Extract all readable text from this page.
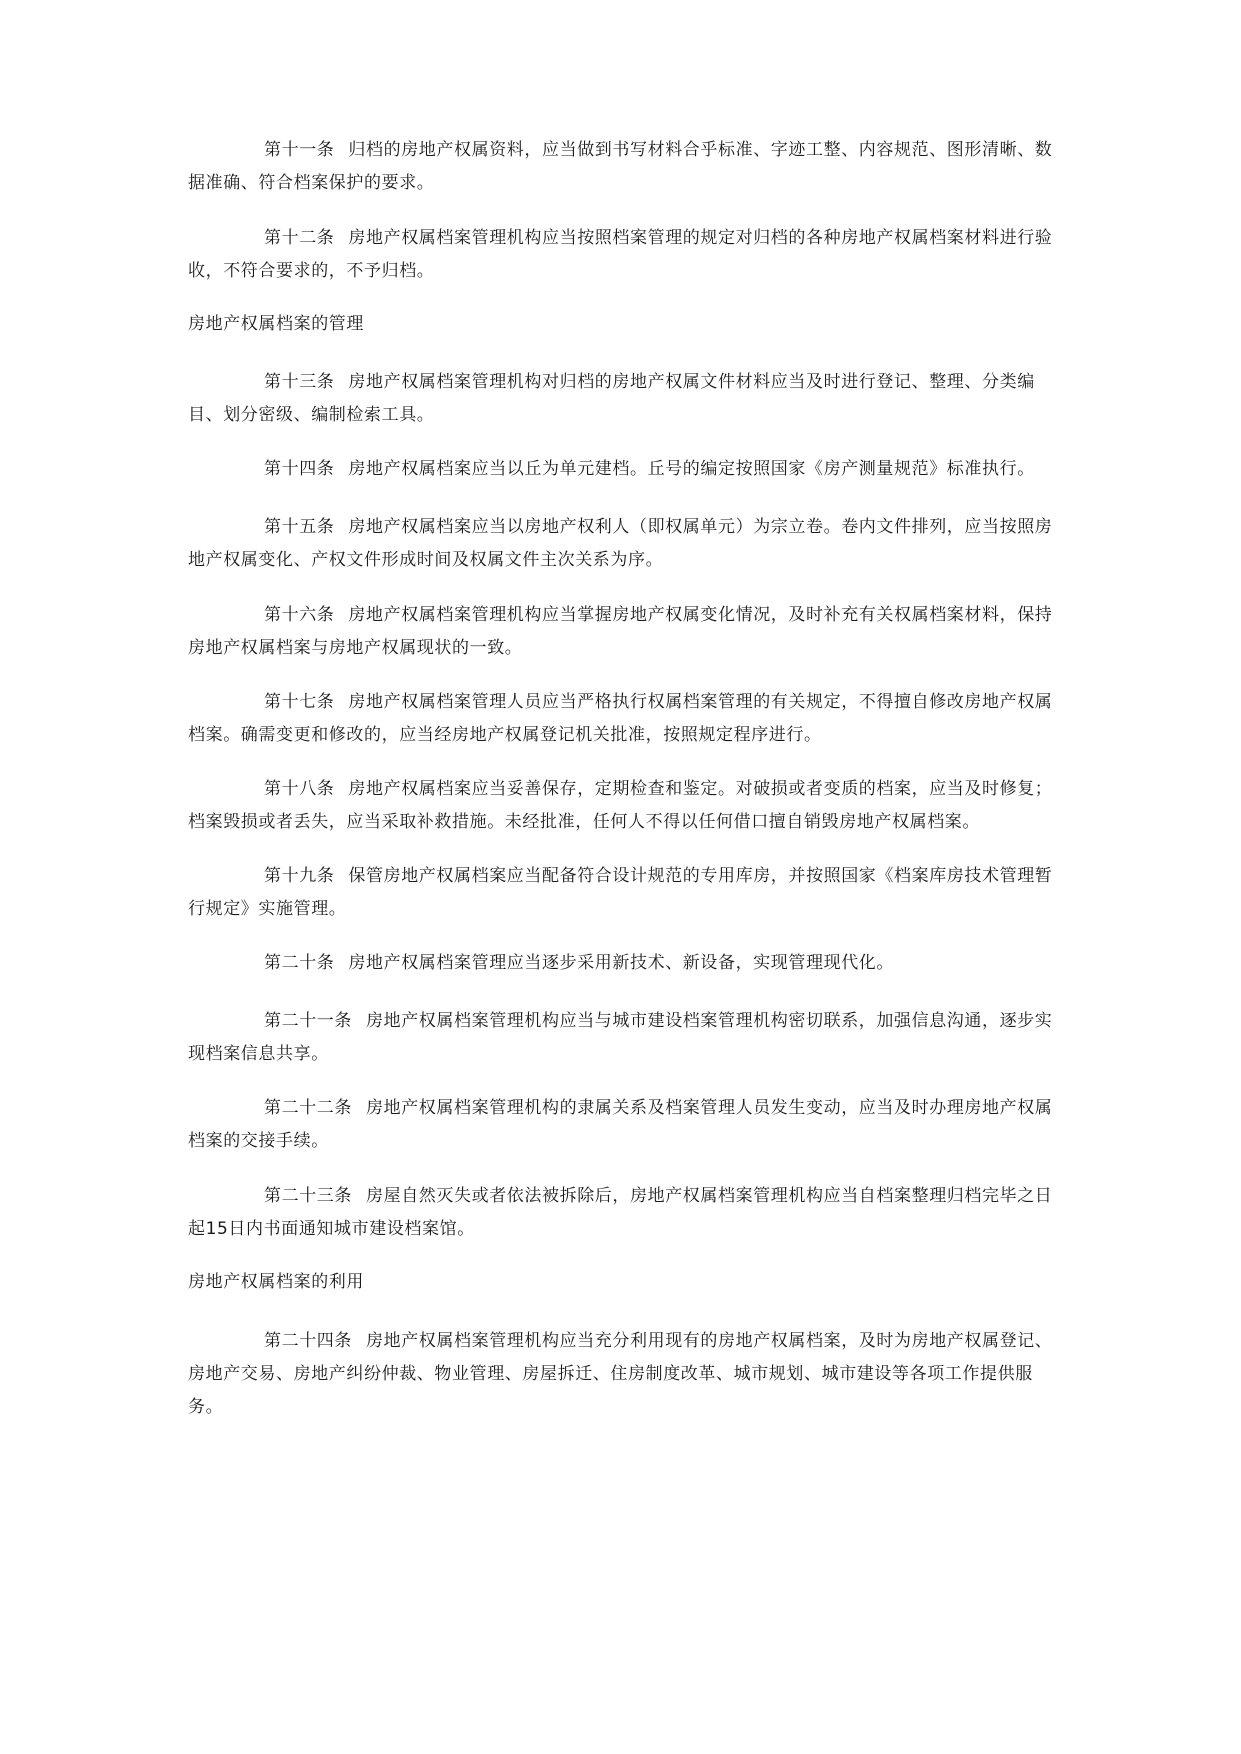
第十一条 归档的房地产权属资料，应当做到书写材料合乎标准、字迹工整、内容规范、图形清晰、数据准确、符合档案保护的要求。

第十二条 房地产权属档案管理机构应当按照档案管理的规定对归档的各种房地产权属档案材料进行验收，不符合要求的，不予归档。

房地产权属档案的管理

第十三条 房地产权属档案管理机构对归档的房地产权属文件材料应当及时进行登记、整理、分类编目、划分密级、编制检索工具。

第十四条 房地产权属档案应当以丘为单元建档。丘号的编定按照国家《房产测量规范》标准执行。

第十五条 房地产权属档案应当以房地产权利人（即权属单元）为宗立卷。卷内文件排列，应当按照房地产权属变化、产权文件形成时间及权属文件主次关系为序。

第十六条 房地产权属档案管理机构应当掌握房地产权属变化情况，及时补充有关权属档案材料，保持房地产权属档案与房地产权属现状的一致。

第十七条 房地产权属档案管理人员应当严格执行权属档案管理的有关规定，不得擅自修改房地产权属档案。确需变更和修改的，应当经房地产权属登记机关批准，按照规定程序进行。

第十八条 房地产权属档案应当妥善保存，定期检查和鉴定。对破损或者变质的档案，应当及时修复；档案毁损或者丢失，应当采取补救措施。未经批准，任何人不得以任何借口擅自销毁房地产权属档案。

第十九条 保管房地产权属档案应当配备符合设计规范的专用库房，并按照国家《档案库房技术管理暂行规定》实施管理。

第二十条 房地产权属档案管理应当逐步采用新技术、新设备，实现管理现代化。

第二十一条 房地产权属档案管理机构应当与城市建设档案管理机构密切联系，加强信息沟通，逐步实现档案信息共享。

第二十二条 房地产权属档案管理机构的隶属关系及档案管理人员发生变动，应当及时办理房地产权属档案的交接手续。

第二十三条 房屋自然灭失或者依法被拆除后，房地产权属档案管理机构应当自档案整理归档完毕之日起15日内书面通知城市建设档案馆。

房地产权属档案的利用

第二十四条 房地产权属档案管理机构应当充分利用现有的房地产权属档案，及时为房地产权属登记、房地产交易、房地产纠纷仲裁、物业管理、房屋拆迁、住房制度改革、城市规划、城市建设等各项工作提供服务。
